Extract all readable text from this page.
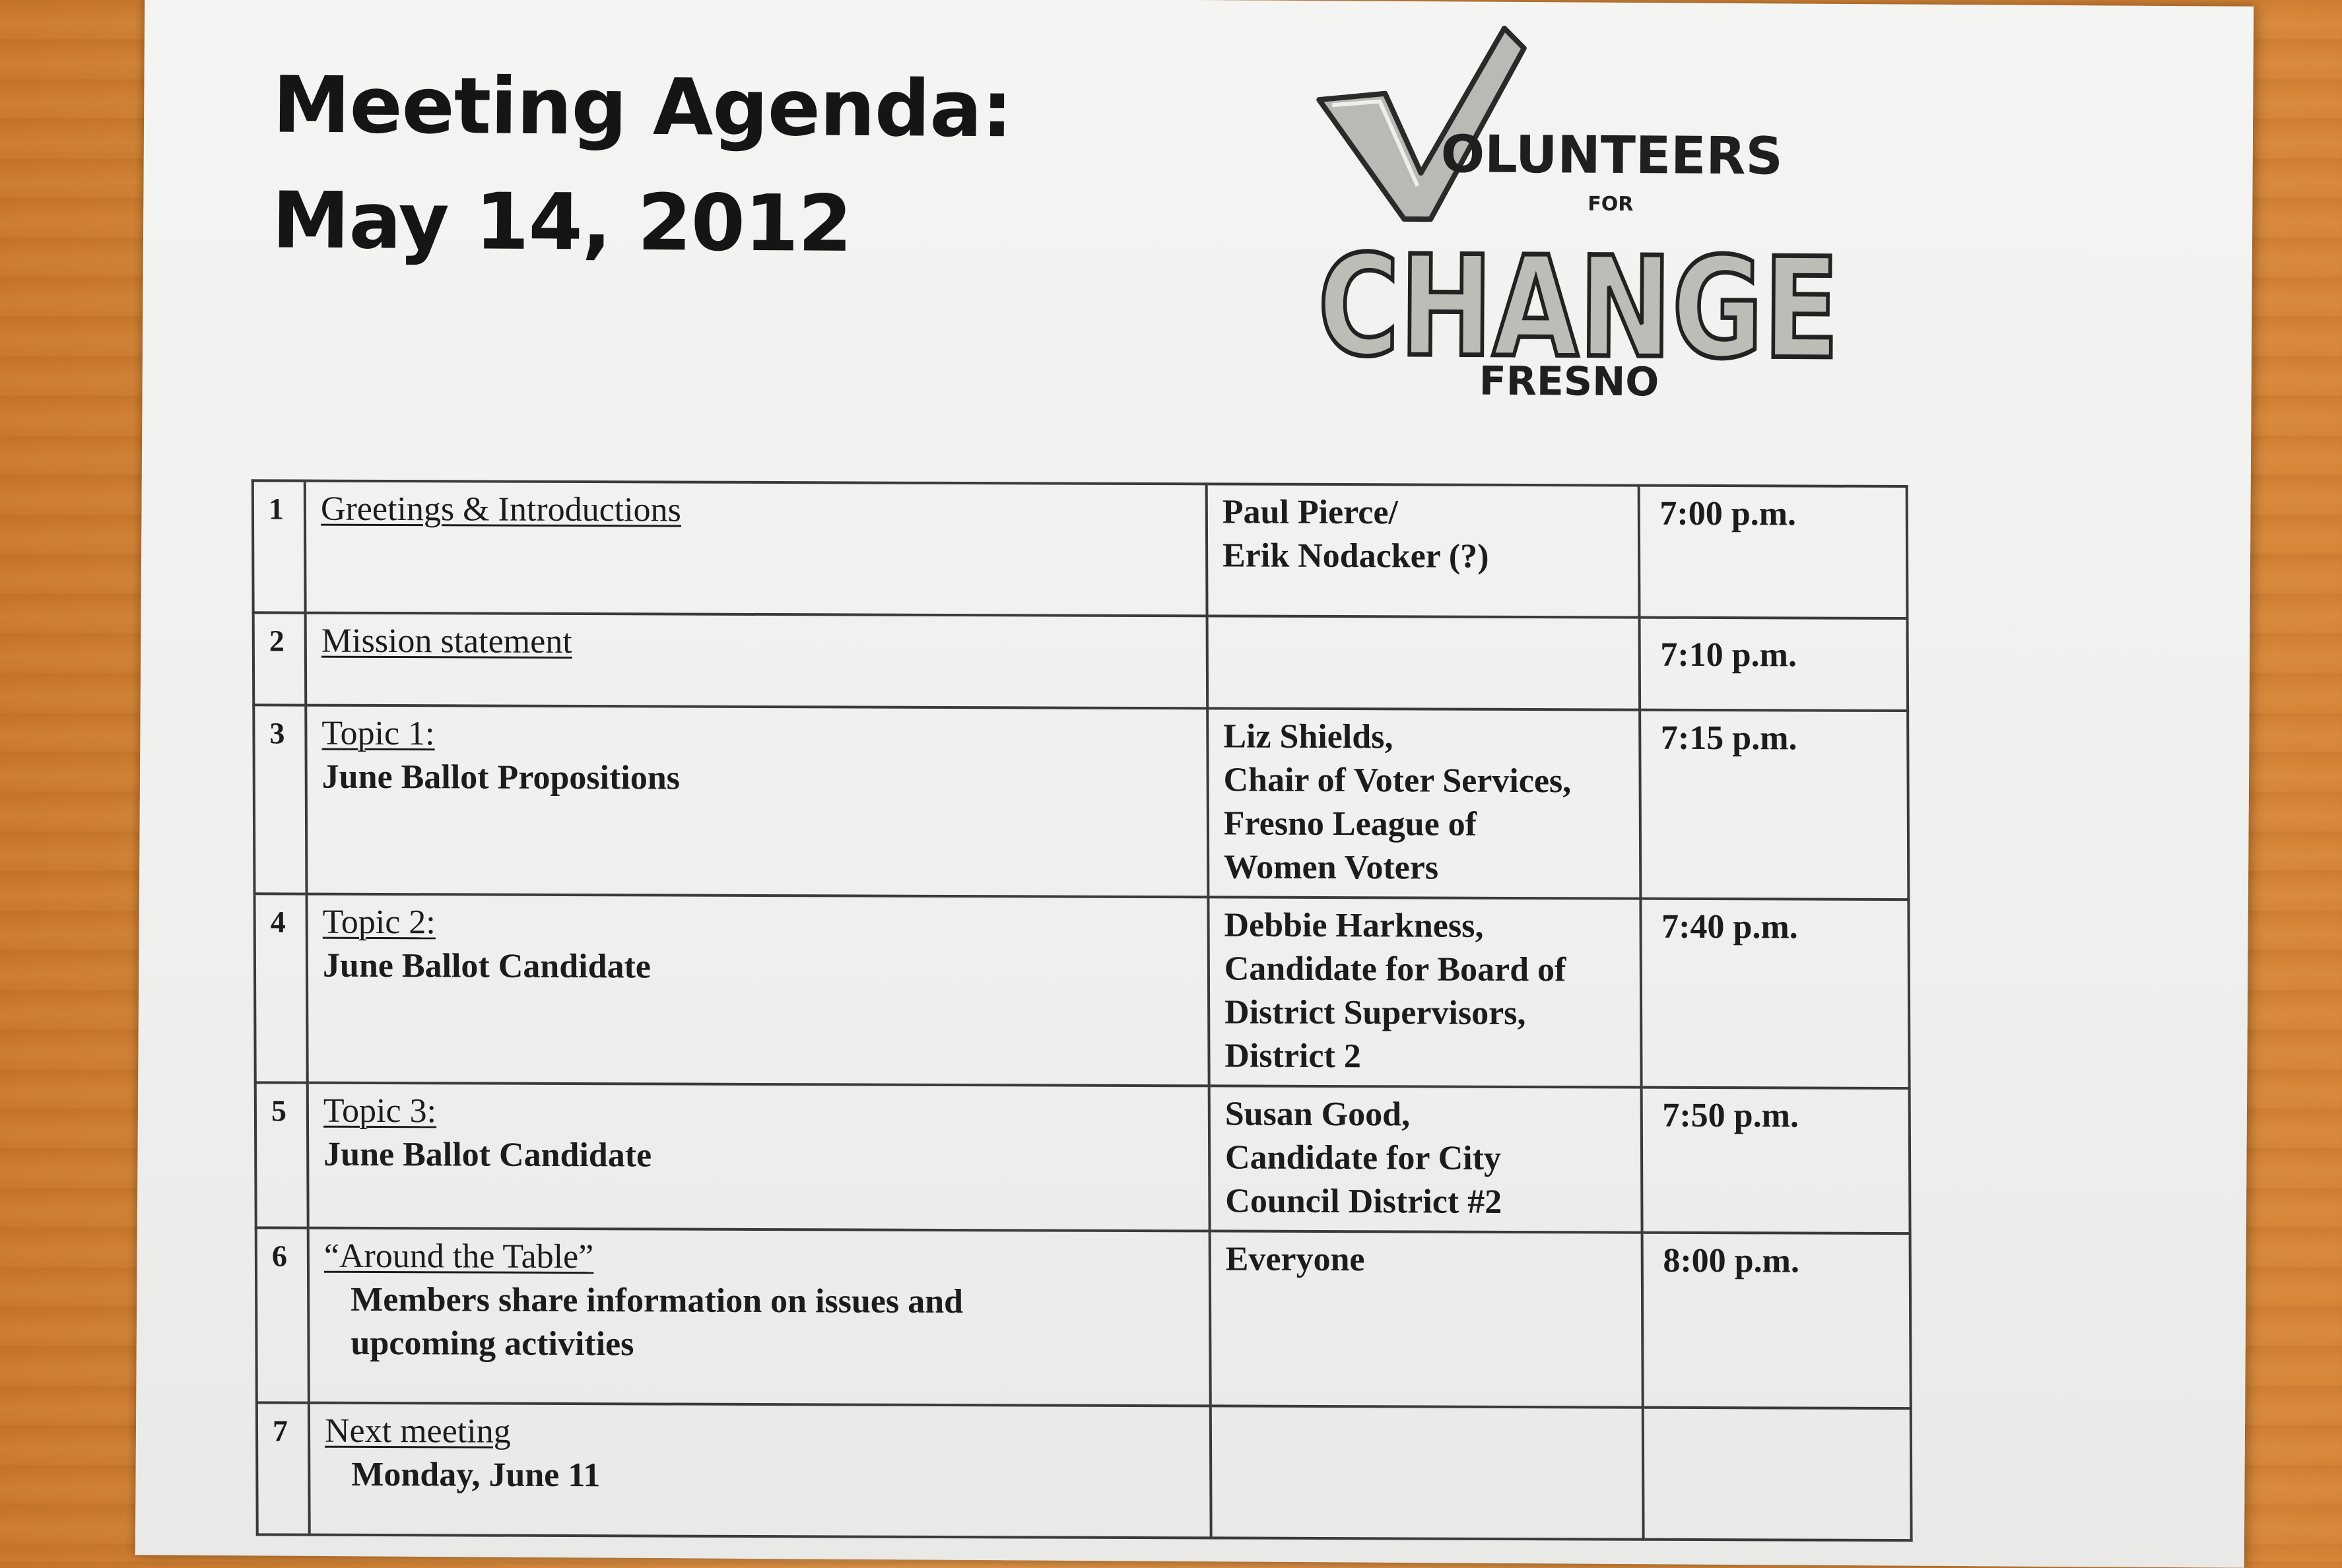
Meeting Agenda:
May 14, 2012
OLUNTEERS
FOR
CHANGE
FRESNO
1	Greetings & Introductions	Paul Pierce/
Erik Nodacker (?)	7:00 p.m.

2	Mission statement		7:10 p.m.

3	Topic 1:
June Ballot Propositions	Liz Shields,
Chair of Voter Services,
Fresno League of
Women Voters	7:15 p.m.

4	Topic 2:
June Ballot Candidate	Debbie Harkness,
Candidate for Board of
District Supervisors,
District 2	7:40 p.m.

5	Topic 3:
June Ballot Candidate	Susan Good,
Candidate for City
Council District #2	7:50 p.m.

6	“Around the Table”
Members share information on issues and
upcoming activities	Everyone	8:00 p.m.

7	Next meeting
Monday, June 11		
